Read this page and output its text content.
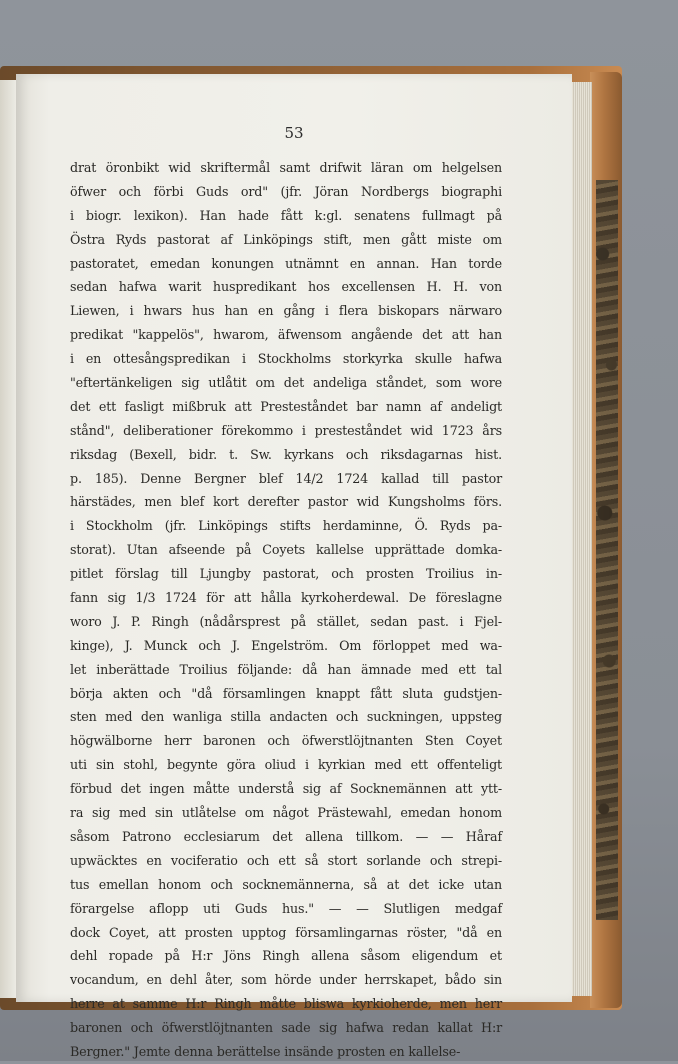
53
drat öronbikt wid skriftermål samt drifwit läran om helgelsen
öfwer och förbi Guds ord" (jfr. Jöran Nordbergs biographi
i biogr. lexikon). Han hade fått k:gl. senatens fullmagt på
Östra Ryds pastorat af Linköpings stift, men gått miste om
pastoratet, emedan konungen utnämnt en annan. Han torde
sedan hafwa warit huspredikant hos excellensen H. H. von
Liewen, i hwars hus han en gång i flera biskopars närwaro
predikat "kappelös", hwarom, äfwensom angående det att han
i en ottesångspredikan i Stockholms storkyrka skulle hafwa
"eftertänkeligen sig utlåtit om det andeliga ståndet, som wore
det ett fasligt mißbruk att Presteståndet bar namn af andeligt
stånd", deliberationer förekommo i presteståndet wid 1723 års
riksdag (Bexell, bidr. t. Sw. kyrkans och riksdagarnas hist.
p. 185). Denne Bergner blef 14/2 1724 kallad till pastor
härstädes, men blef kort derefter pastor wid Kungsholms förs.
i Stockholm (jfr. Linköpings stifts herdaminne, Ö. Ryds pa-
storat). Utan afseende på Coyets kallelse upprättade domka-
pitlet förslag till Ljungby pastorat, och prosten Troilius in-
fann sig 1/3 1724 för att hålla kyrkoherdewal. De föreslagne
woro J. P. Ringh (nådårsprest på stället, sedan past. i Fjel-
kinge), J. Munck och J. Engelström. Om förloppet med wa-
let inberättade Troilius följande: då han ämnade med ett tal
börja akten och "då församlingen knappt fått sluta gudstjen-
sten med den wanliga stilla andacten och suckningen, uppsteg
högwälborne herr baronen och öfwerstlöjtnanten Sten Coyet
uti sin stohl, begynte göra oliud i kyrkian med ett offenteligt
förbud det ingen måtte understå sig af Socknemännen att ytt-
ra sig med sin utlåtelse om något Prästewahl, emedan honom
såsom Patrono ecclesiarum det allena tillkom. — — Håraf
upwäcktes en vociferatio och ett så stort sorlande och strepi-
tus emellan honom och socknemännerna, så at det icke utan
förargelse aflopp uti Guds hus." — — Slutligen medgaf
dock Coyet, att prosten upptog församlingarnas röster, "då en
dehl ropade på H:r Jöns Ringh allena såsom eligendum et
vocandum, en dehl åter, som hörde under herrskapet, bådo sin
herre at samme H:r Ringh måtte bliswa kyrkioherde, men herr
baronen och öfwerstlöjtnanten sade sig hafwa redan kallat H:r
Bergner." Jemte denna berättelse insände prosten en kallelse-
